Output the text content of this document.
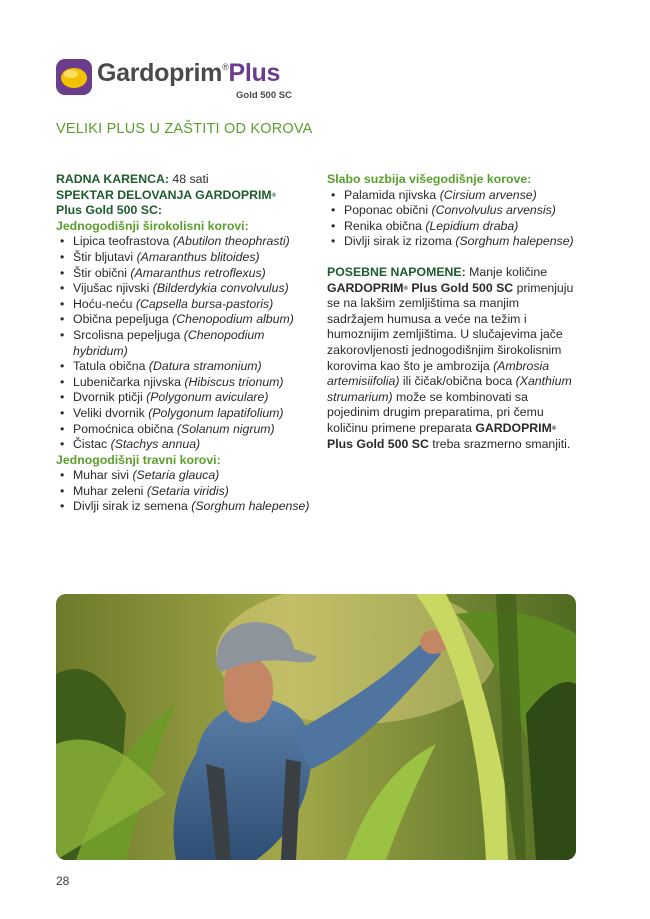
Gardoprim®Plus
Gold 500 SC
VELIKI PLUS U ZAŠTITI OD KOROVA
RADNA KARENCA: 48 sati
SPEKTAR DELOVANJA GARDOPRIM®
Plus Gold 500 SC:
Jednogodišnji širokolisni korovi:
• Lipica teofrastova (Abutilon theophrasti)
• Štir bljutavi (Amaranthus blitoides)
• Štir obični (Amaranthus retroflexus)
• Vijušac njivski (Bilderdykia convolvulus)
• Hoću-neću (Capsella bursa-pastoris)
• Obična pepeljuga (Chenopodium album)
• Srcolisna pepeljuga (Chenopodium hybridum)
• Tatula obična (Datura stramonium)
• Lubeničarka njivska (Hibiscus trionum)
• Dvornik ptičji (Polygonum aviculare)
• Veliki dvornik (Polygonum lapatifolium)
• Pomoćnica obična (Solanum nigrum)
• Čistac (Stachys annua)
Jednogodišnji travni korovi:
• Muhar sivi (Setaria glauca)
• Muhar zeleni (Setaria viridis)
• Divlji sirak iz semena (Sorghum halepense)
Slabo suzbija višegodišnje korove:
• Palamida njivska (Cirsium arvense)
• Poponac obični (Convolvulus arvensis)
• Renika obična (Lepidium draba)
• Divlji sirak iz rizoma (Sorghum halepense)

POSEBNE NAPOMENE: Manje količine GARDOPRIM® Plus Gold 500 SC primenjuju se na lakšim zemljištima sa manjim sadržajem humusa a veće na težim i humoznijim zemljištima. U slučajevima jače zakorovljenosti jednogodišnjim širokolisnim korovima kao što je ambrozija (Ambrosia artemisiifolia) ili čičak/obična boca (Xanthium strumarium) može se kombinovati sa pojedinim drugim preparatima, pri čemu količinu primene preparata GARDOPRIM® Plus Gold 500 SC treba srazmerno smanjiti.

28
